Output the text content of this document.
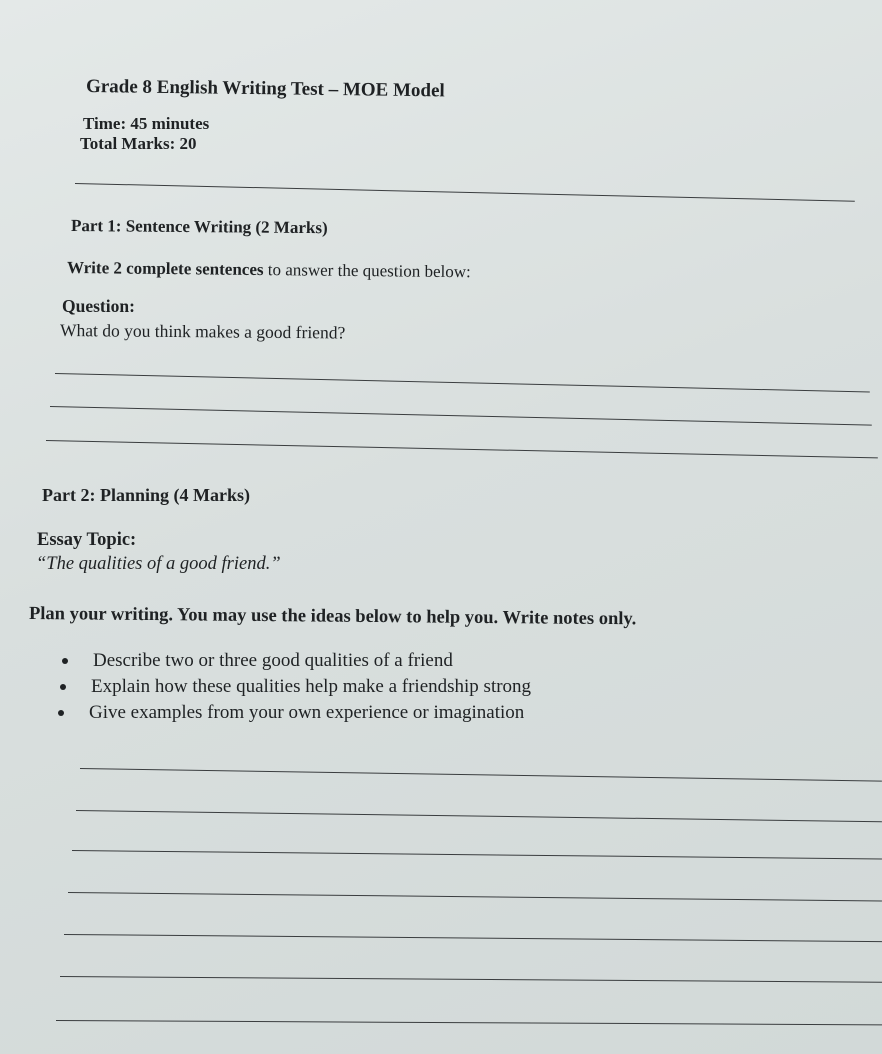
Grade 8 English Writing Test – MOE Model
Time: 45 minutes
Total Marks: 20
Part 1: Sentence Writing (2 Marks)
Write 2 complete sentences to answer the question below:
Question:
What do you think makes a good friend?
Part 2: Planning (4 Marks)
Essay Topic:
“The qualities of a good friend.”
Plan your writing. You may use the ideas below to help you. Write notes only.
Describe two or three good qualities of a friend
Explain how these qualities help make a friendship strong
Give examples from your own experience or imagination
